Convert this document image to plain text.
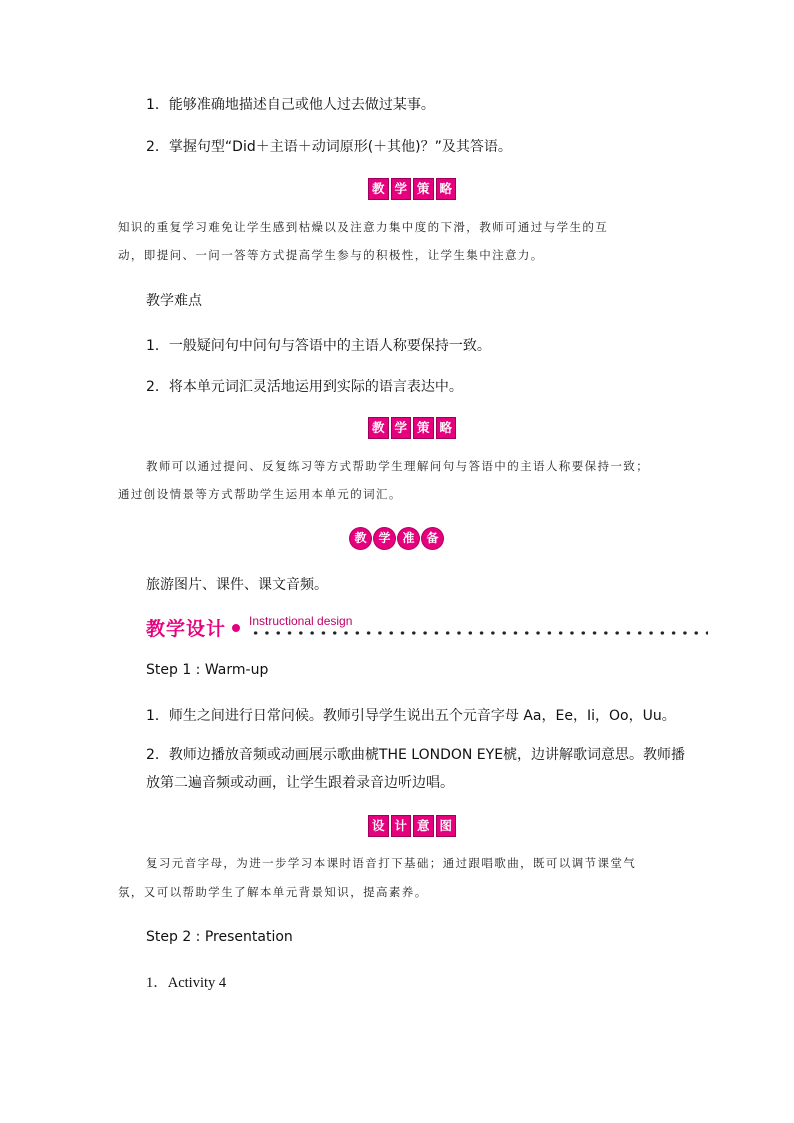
1．能够准确地描述自己或他人过去做过某事。
2．掌握句型“Did＋主语＋动词原形(＋其他)？”及其答语。
教 学 策 略
知识的重复学习难免让学生感到枯燥以及注意力集中度的下滑，教师可通过与学生的互
动，即提问、一问一答等方式提高学生参与的积极性，让学生集中注意力。
教学难点
1．一般疑问句中问句与答语中的主语人称要保持一致。
2．将本单元词汇灵活地运用到实际的语言表达中。
教 学 策 略
教师可以通过提问、反复练习等方式帮助学生理解问句与答语中的主语人称要保持一致；
通过创设情景等方式帮助学生运用本单元的词汇。
教 学 准 备
旅游图片、课件、课文音频。
教学设计 Instructional design
Step 1 : Warm-up
1．师生之间进行日常问候。教师引导学生说出五个元音字母 Aa，Ee，Ii，Oo，Uu。
2．教师边播放音频或动画展示歌曲椃THE LONDON EYE椃，边讲解歌词意思。教师播
放第二遍音频或动画，让学生跟着录音边听边唱。
设 计 意 图
复习元音字母，为进一步学习本课时语音打下基础；通过跟唱歌曲，既可以调节课堂气
氛，又可以帮助学生了解本单元背景知识，提高素养。
Step 2 : Presentation
1．Activity 4
